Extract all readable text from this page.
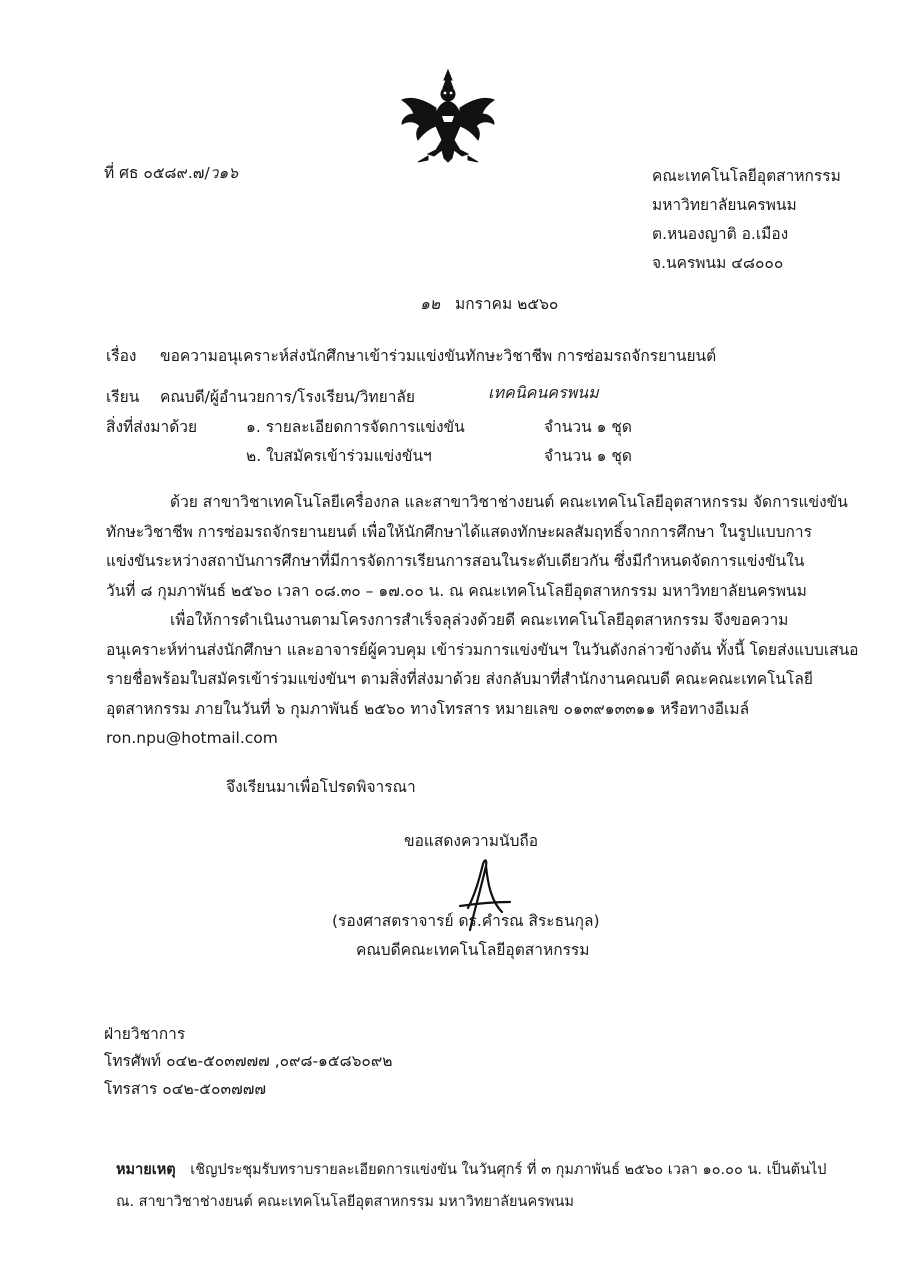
ที่ ศธ ๐๕๘๙.๗/ว๑๖	คณะเทคโนโลยีอุตสาหกรรม
มหาวิทยาลัยนครพนม
ต.หนองญาติ อ.เมือง
จ.นครพนม ๔๘๐๐๐
๑๒ มกราคม ๒๕๖๐
เรื่อง ขอความอนุเคราะห์ส่งนักศึกษาเข้าร่วมแข่งขันทักษะวิชาชีพ การซ่อมรถจักรยานยนต์
เรียน คณบดี/ผู้อำนวยการ/โรงเรียน/วิทยาลัย	เทคนิคนครพนม
สิ่งที่ส่งมาด้วย	๑. รายละเอียดการจัดการแข่งขัน	จำนวน ๑ ชุด
๒. ใบสมัครเข้าร่วมแข่งขันฯ	จำนวน ๑ ชุด
ด้วย สาขาวิชาเทคโนโลยีเครื่องกล และสาขาวิชาช่างยนต์ คณะเทคโนโลยีอุตสาหกรรม จัดการแข่งขัน
ทักษะวิชาชีพ การซ่อมรถจักรยานยนต์ เพื่อให้นักศึกษาได้แสดงทักษะผลสัมฤทธิ์จากการศึกษา ในรูปแบบการ
แข่งขันระหว่างสถาบันการศึกษาที่มีการจัดการเรียนการสอนในระดับเดียวกัน ซึ่งมีกำหนดจัดการแข่งขันใน
วันที่ ๘ กุมภาพันธ์ ๒๕๖๐ เวลา ๐๘.๓๐ – ๑๗.๐๐ น. ณ คณะเทคโนโลยีอุตสาหกรรม มหาวิทยาลัยนครพนม
เพื่อให้การดำเนินงานตามโครงการสำเร็จลุล่วงด้วยดี คณะเทคโนโลยีอุตสาหกรรม จึงขอความ
อนุเคราะห์ท่านส่งนักศึกษา และอาจารย์ผู้ควบคุม เข้าร่วมการแข่งขันฯ ในวันดังกล่าวข้างต้น ทั้งนี้ โดยส่งแบบเสนอ
รายชื่อพร้อมใบสมัครเข้าร่วมแข่งขันฯ ตามสิ่งที่ส่งมาด้วย ส่งกลับมาที่สำนักงานคณบดี คณะคณะเทคโนโลยี
อุตสาหกรรม ภายในวันที่ ๖ กุมภาพันธ์ ๒๕๖๐ ทางโทรสาร หมายเลข ๐๑๓๙๑๓๓๑๑ หรือทางอีเมล์
ron.npu@hotmail.com
จึงเรียนมาเพื่อโปรดพิจารณา
ขอแสดงความนับถือ
(รองศาสตราจารย์ ดร.คำรณ สิระธนกุล)
คณบดีคณะเทคโนโลยีอุตสาหกรรม
ฝ่ายวิชาการ
โทรศัพท์ ๐๔๒-๕๐๓๗๗๗ ,๐๙๘-๑๕๘๖๐๙๒
โทรสาร ๐๔๒-๕๐๓๗๗๗
หมายเหตุ เชิญประชุมรับทราบรายละเอียดการแข่งขัน ในวันศุกร์ ที่ ๓ กุมภาพันธ์ ๒๕๖๐ เวลา ๑๐.๐๐ น. เป็นต้นไป
ณ. สาขาวิชาช่างยนต์ คณะเทคโนโลยีอุตสาหกรรม มหาวิทยาลัยนครพนม
